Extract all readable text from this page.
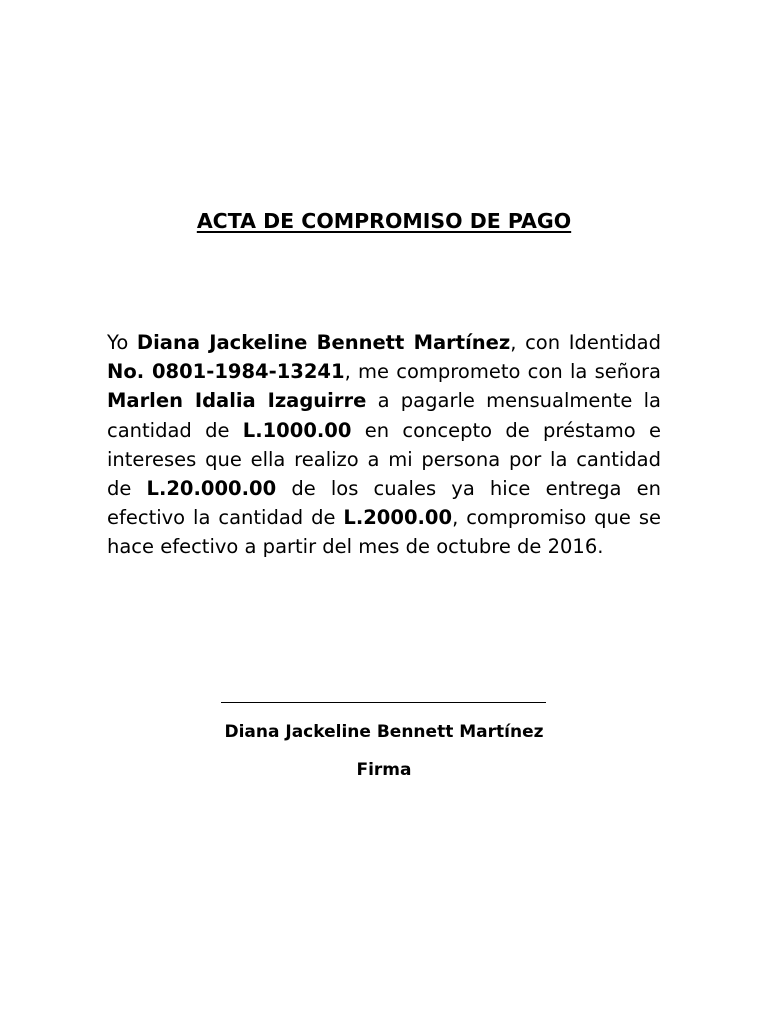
ACTA DE COMPROMISO DE PAGO

Yo Diana Jackeline Bennett Martínez, con Identidad No. 0801-1984-13241, me comprometo con la señora Marlen Idalia Izaguirre a pagarle mensualmente la cantidad de L.1000.00 en concepto de préstamo e intereses que ella realizo a mi persona por la cantidad de L.20.000.00 de los cuales ya hice entrega en efectivo la cantidad de L.2000.00, compromiso que se hace efectivo a partir del mes de octubre de 2016.

Diana Jackeline Bennett Martínez
Firma
